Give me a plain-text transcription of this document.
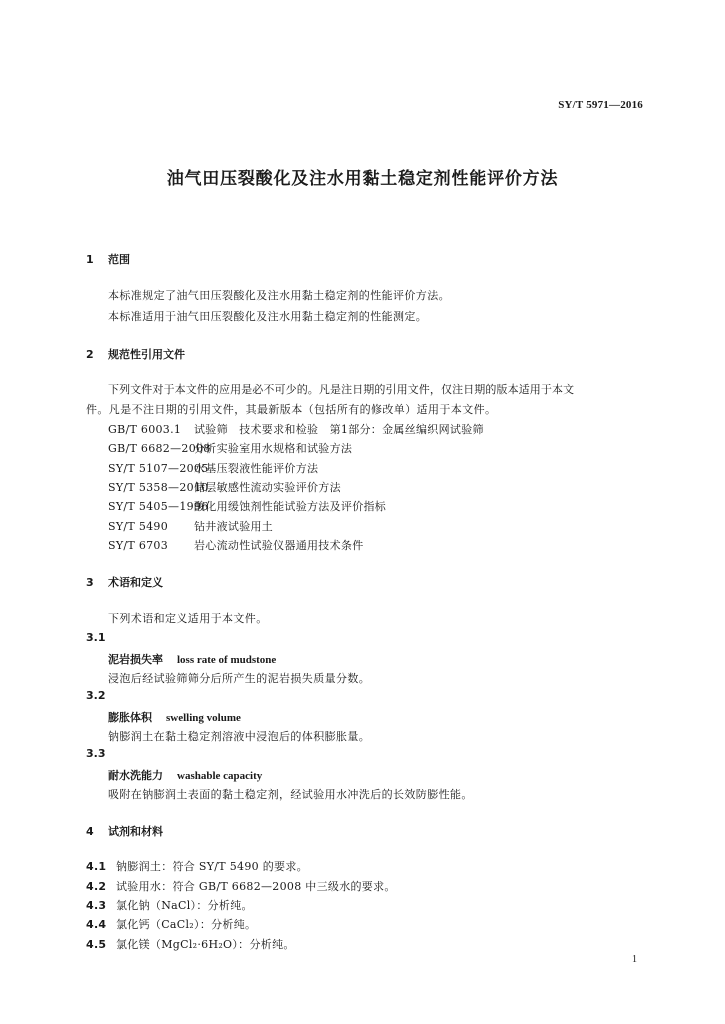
SY/T 5971—2016
油气田压裂酸化及注水用黏土稳定剂性能评价方法
1 范围
本标准规定了油气田压裂酸化及注水用黏土稳定剂的性能评价方法。
本标准适用于油气田压裂酸化及注水用黏土稳定剂的性能测定。
2 规范性引用文件
下列文件对于本文件的应用是必不可少的。凡是注日期的引用文件，仅注日期的版本适用于本文
件。凡是不注日期的引用文件，其最新版本（包括所有的修改单）适用于本文件。
GB/T 6003.1 试验筛　技术要求和检验　第1部分：金属丝编织网试验筛
GB/T 6682—2008分析实验室用水规格和试验方法
SY/T 5107—2005水基压裂液性能评价方法
SY/T 5358—2010储层敏感性流动实验评价方法
SY/T 5405—1996酸化用缓蚀剂性能试验方法及评价指标
SY/T 5490 钻井液试验用土
SY/T 6703 岩心流动性试验仪器通用技术条件
3 术语和定义
下列术语和定义适用于本文件。
3.1
泥岩损失率 loss rate of mudstone
浸泡后经试验筛筛分后所产生的泥岩损失质量分数。
3.2
膨胀体积 swelling volume
钠膨润土在黏土稳定剂溶液中浸泡后的体积膨胀量。
3.3
耐水洗能力 washable capacity
吸附在钠膨润土表面的黏土稳定剂，经试验用水冲洗后的长效防膨性能。
4 试剂和材料
4.1 钠膨润土：符合 SY/T 5490 的要求。
4.2 试验用水：符合 GB/T 6682—2008 中三级水的要求。
4.3 氯化钠（NaCl）：分析纯。
4.4 氯化钙（CaCl₂）：分析纯。
4.5 氯化镁（MgCl₂·6H₂O）：分析纯。
1
